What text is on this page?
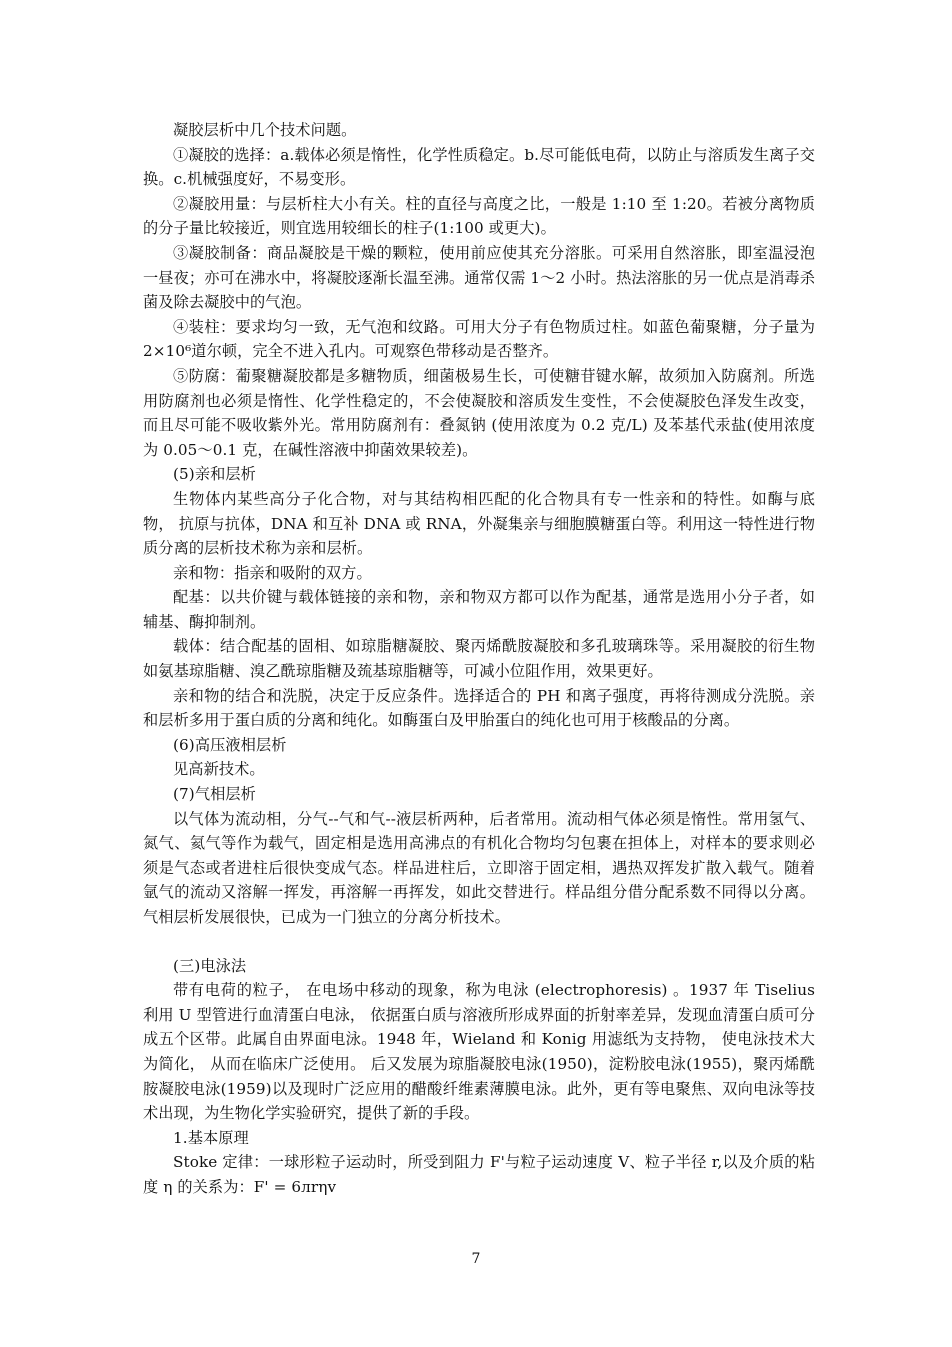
凝胶层析中几个技术问题。

①凝胶的选择：a.载体必须是惰性，化学性质稳定。b.尽可能低电荷，以防止与溶质发生离子交换。c.机械强度好，不易变形。

②凝胶用量：与层析柱大小有关。柱的直径与高度之比，一般是 1:10 至 1:20。若被分离物质的分子量比较接近，则宜选用较细长的柱子(1:100 或更大)。

③凝胶制备：商品凝胶是干燥的颗粒，使用前应使其充分溶胀。可采用自然溶胀，即室温浸泡一昼夜；亦可在沸水中，将凝胶逐渐长温至沸。通常仅需 1～2 小时。热法溶胀的另一优点是消毒杀菌及除去凝胶中的气泡。

④装柱：要求均匀一致，无气泡和纹路。可用大分子有色物质过柱。如蓝色葡聚糖，分子量为 2×10⁶道尔顿，完全不进入孔内。可观察色带移动是否整齐。

⑤防腐：葡聚糖凝胶都是多糖物质，细菌极易生长，可使糖苷键水解，故须加入防腐剂。所选用防腐剂也必须是惰性、化学性稳定的，不会使凝胶和溶质发生变性，不会使凝胶色泽发生改变，而且尽可能不吸收紫外光。常用防腐剂有：叠氮钠 (使用浓度为 0.2 克/L) 及苯基代汞盐(使用浓度为 0.05～0.1 克，在碱性溶液中抑菌效果较差)。

(5)亲和层析

生物体内某些高分子化合物，对与其结构相匹配的化合物具有专一性亲和的特性。如酶与底物， 抗原与抗体，DNA 和互补 DNA 或 RNA，外凝集亲与细胞膜糖蛋白等。利用这一特性进行物质分离的层析技术称为亲和层析。

亲和物：指亲和吸附的双方。

配基：以共价键与载体链接的亲和物，亲和物双方都可以作为配基，通常是选用小分子者，如辅基、酶抑制剂。

载体：结合配基的固相、如琼脂糖凝胶、聚丙烯酰胺凝胶和多孔玻璃珠等。采用凝胶的衍生物如氨基琼脂糖、溴乙酰琼脂糖及巯基琼脂糖等，可减小位阻作用，效果更好。

亲和物的结合和洗脱，决定于反应条件。选择适合的 PH 和离子强度，再将待测成分洗脱。亲和层析多用于蛋白质的分离和纯化。如酶蛋白及甲胎蛋白的纯化也可用于核酸品的分离。

(6)高压液相层析

见高新技术。

(7)气相层析

以气体为流动相，分气--气和气--液层析两种，后者常用。流动相气体必须是惰性。常用氢气、氮气、氦气等作为载气，固定相是选用高沸点的有机化合物均匀包裹在担体上，对样本的要求则必须是气态或者进柱后很快变成气态。样品进柱后，立即溶于固定相，遇热双挥发扩散入载气。随着氩气的流动又溶解一挥发，再溶解一再挥发，如此交替进行。样品组分借分配系数不同得以分离。气相层析发展很快，已成为一门独立的分离分析技术。

(三)电泳法

带有电荷的粒子， 在电场中移动的现象，称为电泳 (electrophoresis) 。1937 年 Tiselius 利用 U 型管进行血清蛋白电泳， 依据蛋白质与溶液所形成界面的折射率差异，发现血清蛋白质可分成五个区带。此属自由界面电泳。1948 年，Wieland 和 Konig 用滤纸为支持物， 使电泳技术大为简化， 从而在临床广泛使用。 后又发展为琼脂凝胶电泳(1950)，淀粉胶电泳(1955)，聚丙烯酰胺凝胶电泳(1959)以及现时广泛应用的醋酸纤维素薄膜电泳。此外，更有等电聚焦、双向电泳等技术出现，为生物化学实验研究，提供了新的手段。

1.基本原理

Stoke 定律：一球形粒子运动时，所受到阻力 F'与粒子运动速度 V、粒子半径 r,以及介质的粘度 η 的关系为：F' = 6лrηv

7
